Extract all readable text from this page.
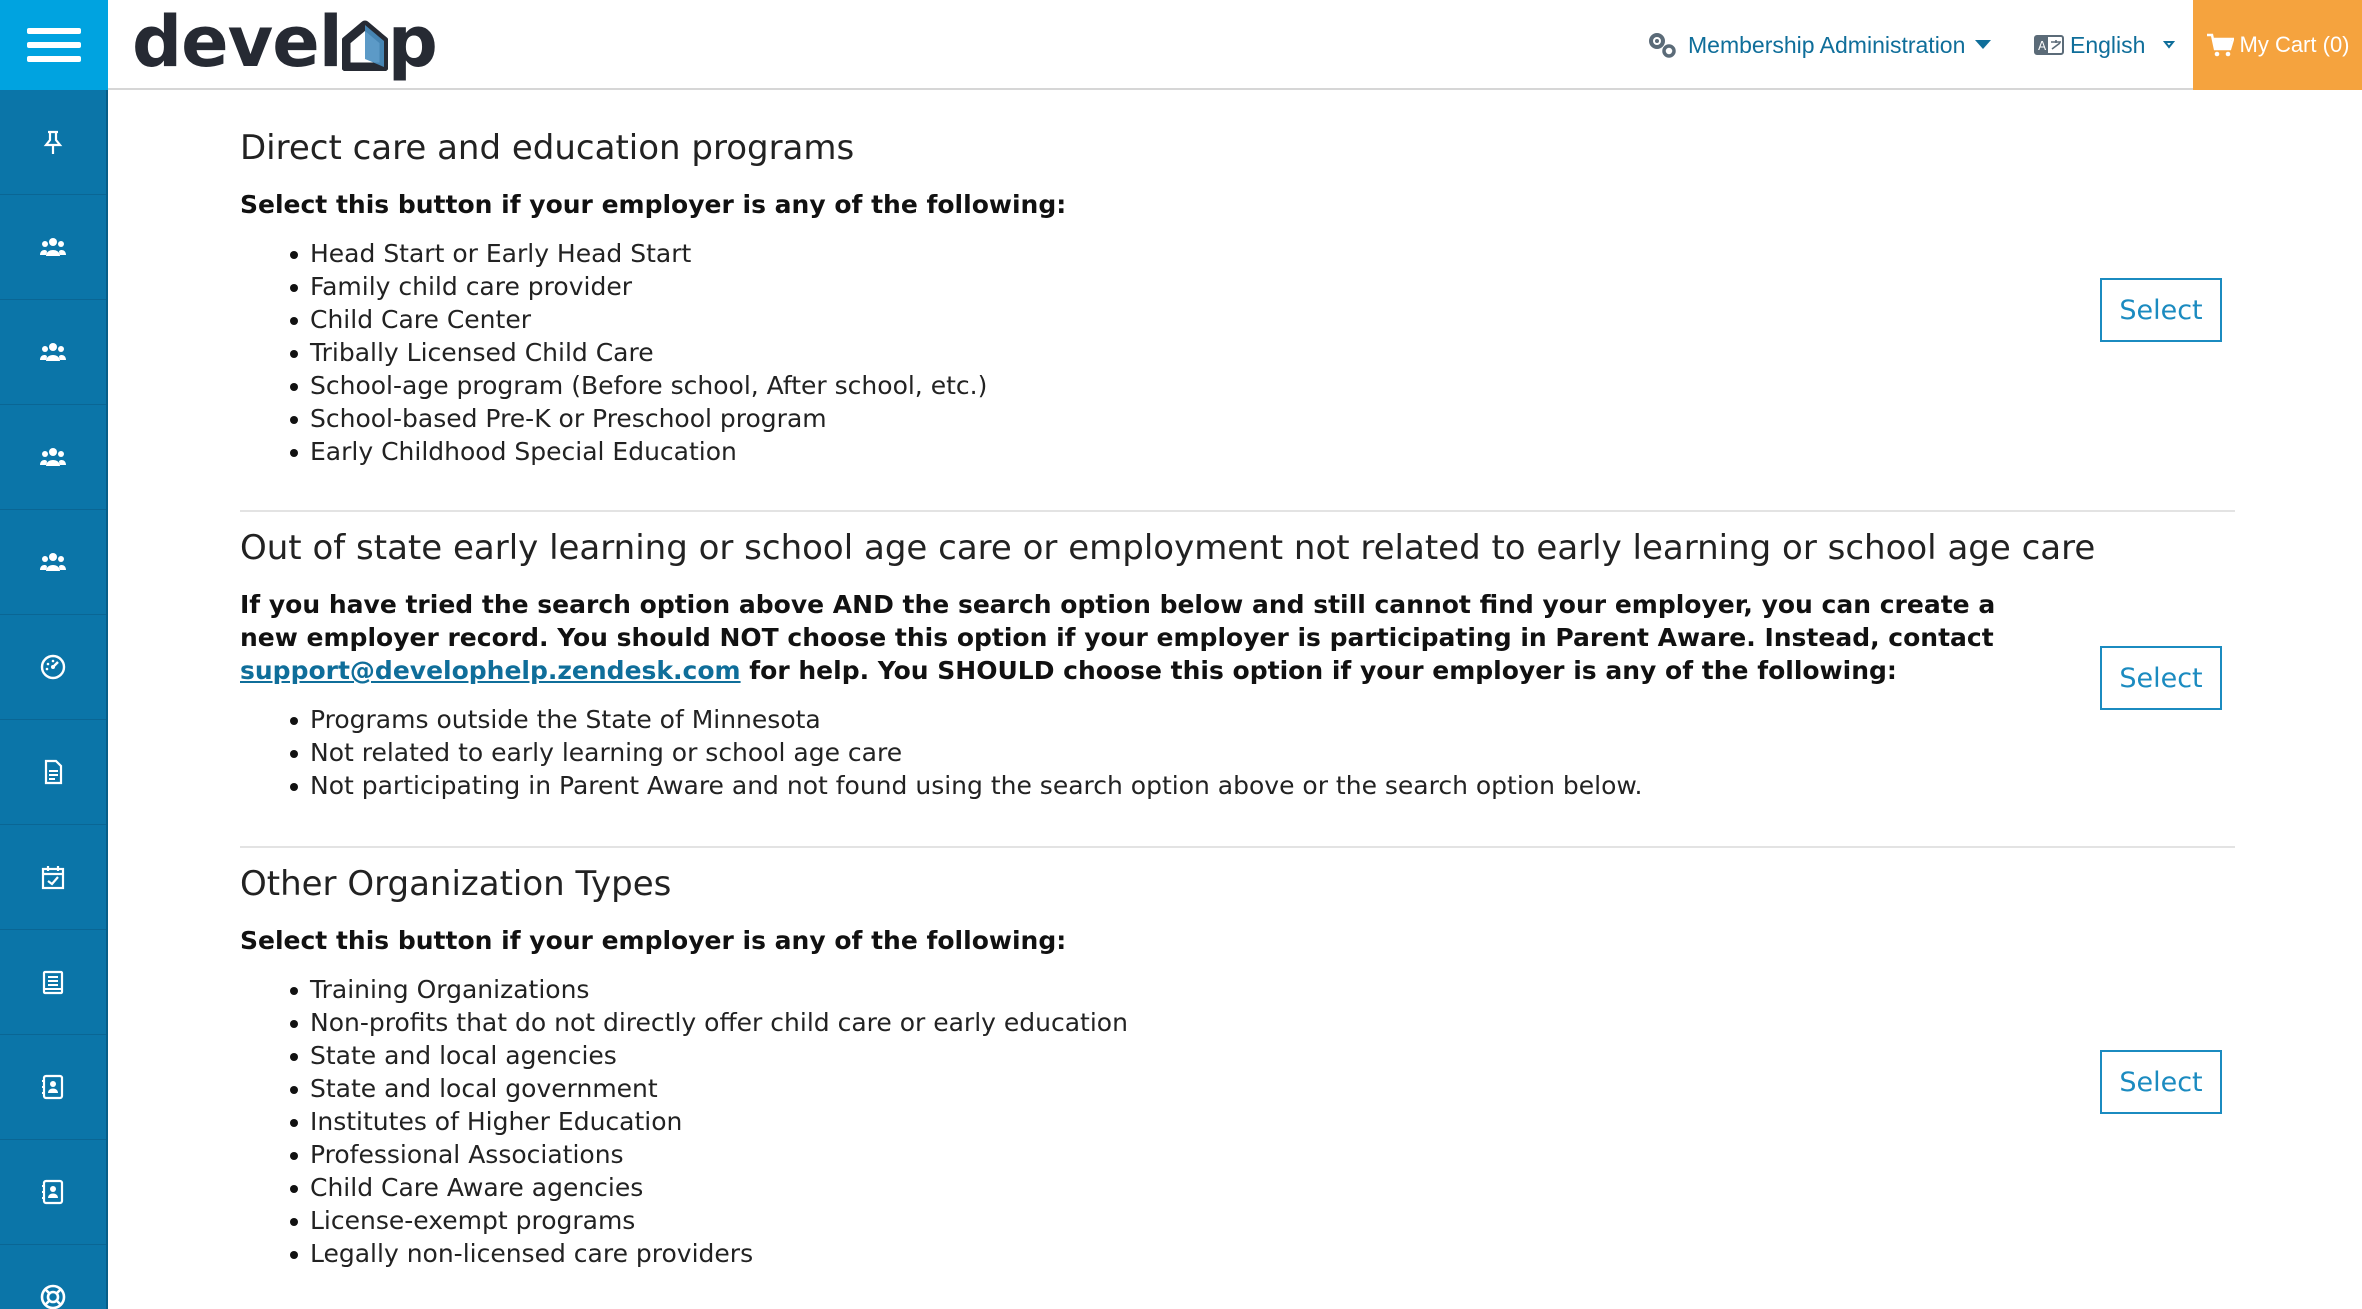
devel p	Membership Administration	A English	My Cart (0)
Direct care and education programs

Select this button if your employer is any of the following:

Head Start or Early Head Start
Family child care provider
Child Care Center
Tribally Licensed Child Care
School-age program (Before school, After school, etc.)
School-based Pre-K or Preschool program
Early Childhood Special Education
Select
Out of state early learning or school age care or employment not related to early learning or school age care

If you have tried the search option above AND the search option below and still cannot find your employer, you can create a new employer record. You should NOT choose this option if your employer is participating in Parent Aware. Instead, contact support@develophelp.zendesk.com for help. You SHOULD choose this option if your employer is any of the following:

Programs outside the State of Minnesota
Not related to early learning or school age care
Not participating in Parent Aware and not found using the search option above or the search option below.
Select
Other Organization Types

Select this button if your employer is any of the following:

Training Organizations
Non-profits that do not directly offer child care or early education
State and local agencies
State and local government
Institutes of Higher Education
Professional Associations
Child Care Aware agencies
License-exempt programs
Legally non-licensed care providers
Select
